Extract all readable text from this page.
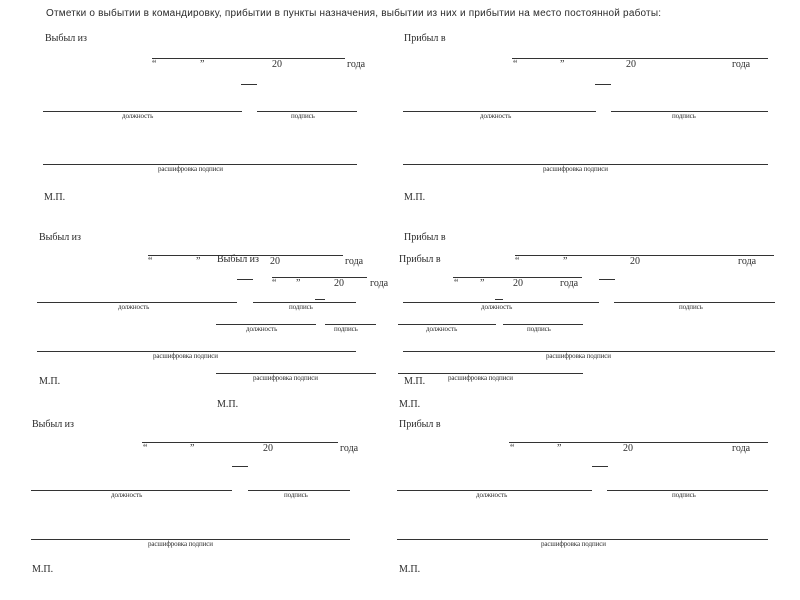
Отметки о выбытии в командировку, прибытии в пункты назначения, выбытии из них и прибытии на место постоянной работы:
Выбыл из
“	”	20	года
должность	подпись
расшифровка подписи
М.П.
Прибыл в
“	”	20	года
должность	подпись
расшифровка подписи
М.П.
Выбыл из
“	”	20	года
должность	подпись
расшифровка подписи
М.П.
Выбыл из
“ ”	20	года
должность	подпись
расшифровка подписи
М.П.
Прибыл в
“	”	20	года
должность	подпись
расшифровка подписи
М.П.
Прибыл в
“ ”	20	года
должность	подпись
расшифровка подписи
М.П.
Выбыл из
“	”	20	года
должность	подпись
расшифровка подписи
М.П.
Прибыл в
“	”	20	года
должность	подпись
расшифровка подписи
М.П.
